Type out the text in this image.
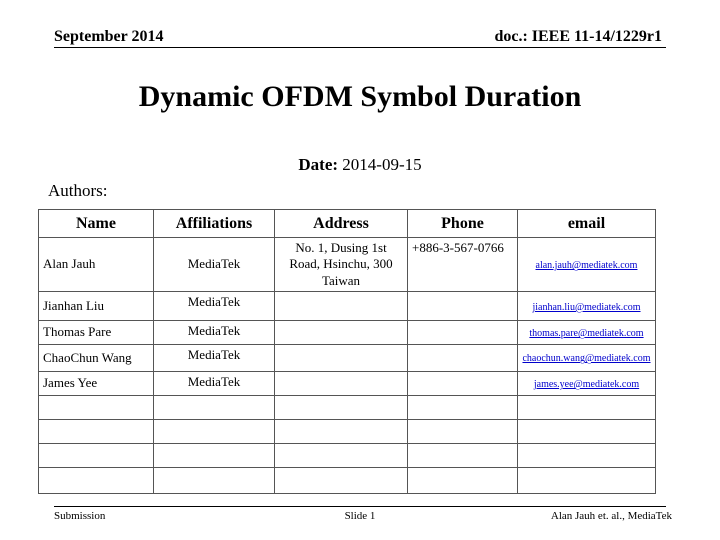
September 2014	doc.: IEEE 11-14/1229r1
Dynamic OFDM Symbol Duration
Date: 2014-09-15
Authors:
Name	Affiliations	Address	Phone	email
Alan Jauh	MediaTek	No. 1, Dusing 1st Road, Hsinchu, 300 Taiwan	+886-3-567-0766	alan.jauh@mediatek.com
Jianhan Liu	MediaTek			jianhan.liu@mediatek.com
Thomas Pare	MediaTek			thomas.pare@mediatek.com
ChaoChun Wang	MediaTek			chaochun.wang@mediatek.com
James Yee	MediaTek			james.yee@mediatek.com

Submission	Slide 1	Alan Jauh et. al., MediaTek
